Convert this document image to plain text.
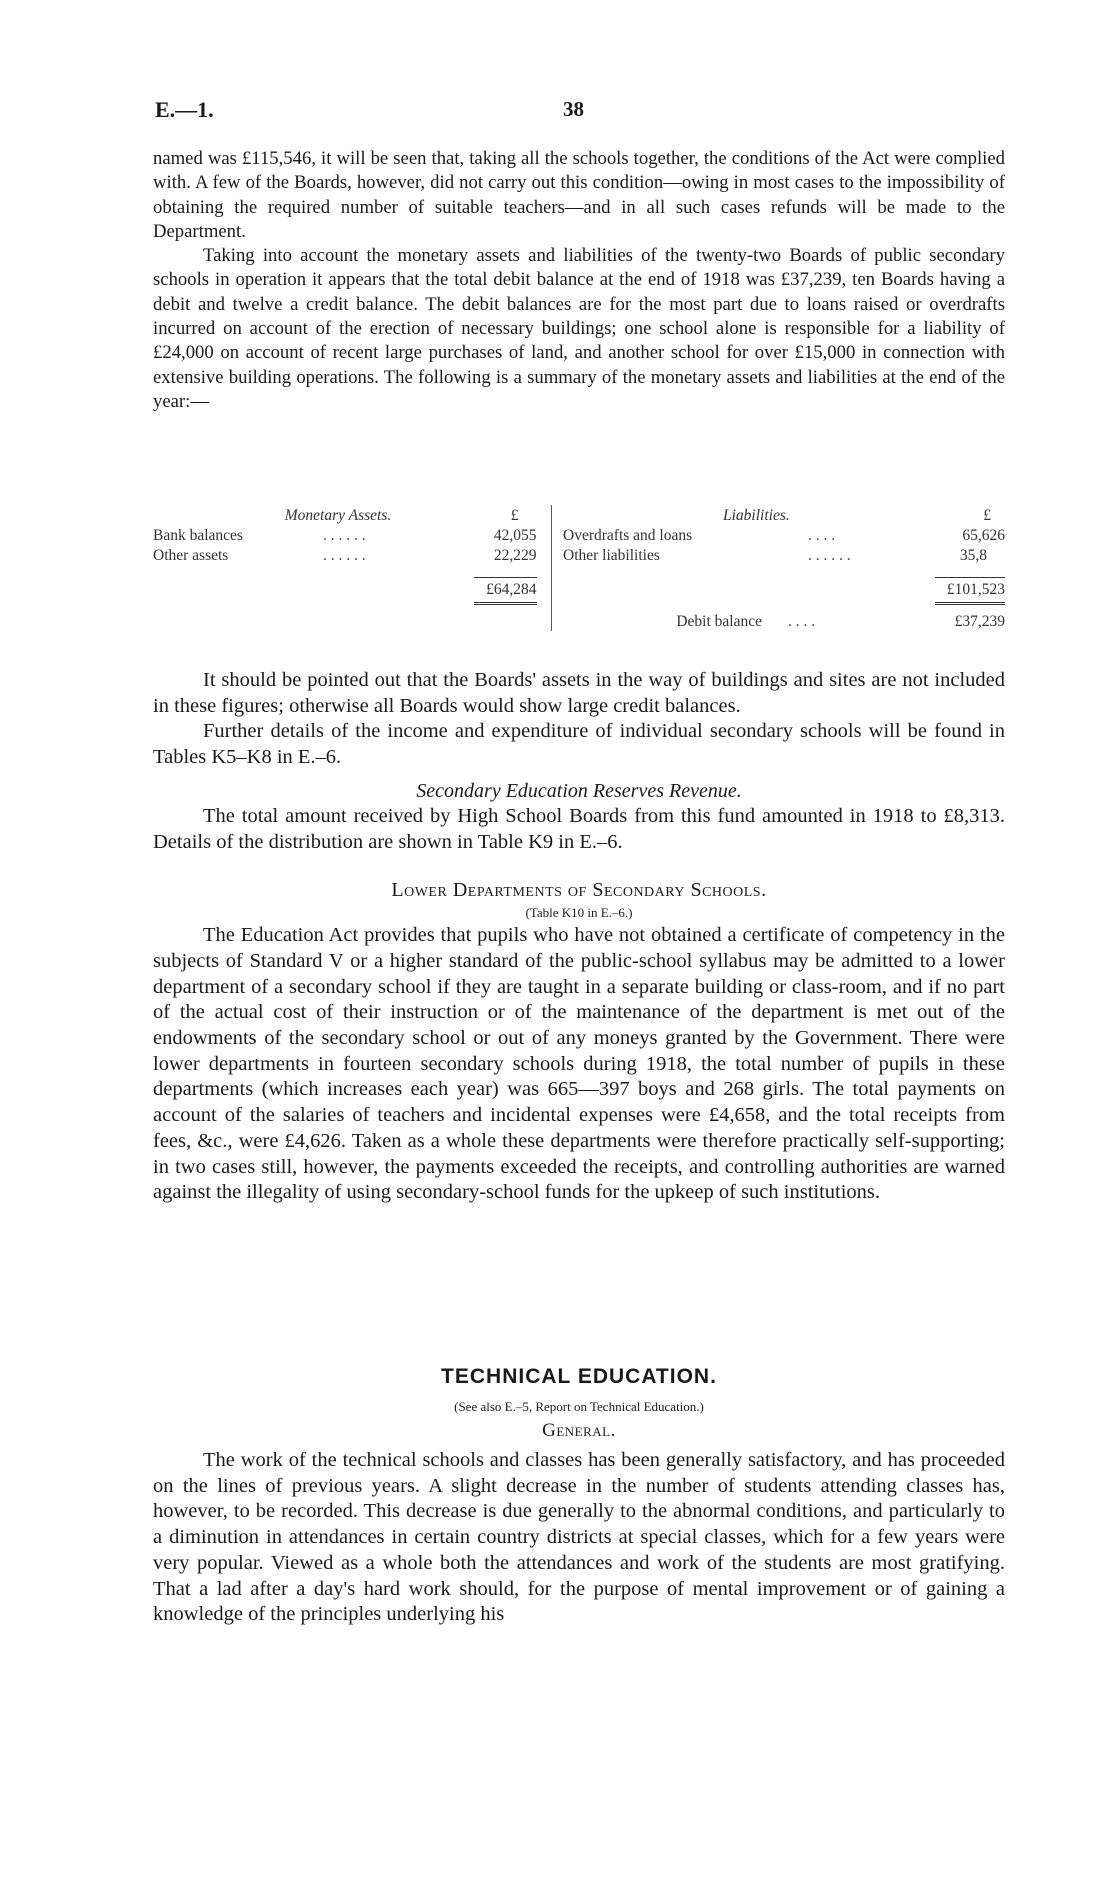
E.—1.	38

named was £115,546, it will be seen that, taking all the schools together, the conditions of the Act were complied with. A few of the Boards, however, did not carry out this condition—owing in most cases to the impossibility of obtaining the required number of suitable teachers—and in all such cases refunds will be made to the Department.

Taking into account the monetary assets and liabilities of the twenty-two Boards of public secondary schools in operation it appears that the total debit balance at the end of 1918 was £37,239, ten Boards having a debit and twelve a credit balance. The debit balances are for the most part due to loans raised or overdrafts incurred on account of the erection of necessary buildings; one school alone is responsible for a liability of £24,000 on account of recent large purchases of land, and another school for over £15,000 in connection with extensive building operations. The following is a summary of the monetary assets and liabilities at the end of the year:—

Monetary Assets.		£		Liabilities.		£
Bank balances	. . . . . .	42,055		Overdrafts and loans	. . . .	65,626
Other assets	. . . . . .	22,229		Other liabilities	. . . . . .	35,8
		£64,284				£101,523
				Debit balance	. . . .	£37,239

It should be pointed out that the Boards' assets in the way of buildings and sites are not included in these figures; otherwise all Boards would show large credit balances.

Further details of the income and expenditure of individual secondary schools will be found in Tables K5–K8 in E.–6.

Secondary Education Reserves Revenue.

The total amount received by High School Boards from this fund amounted in 1918 to £8,313. Details of the distribution are shown in Table K9 in E.–6.

Lower Departments of Secondary Schools.
(Table K10 in E.–6.)

The Education Act provides that pupils who have not obtained a certificate of competency in the subjects of Standard V or a higher standard of the public-school syllabus may be admitted to a lower department of a secondary school if they are taught in a separate building or class-room, and if no part of the actual cost of their instruction or of the maintenance of the department is met out of the endowments of the secondary school or out of any moneys granted by the Government. There were lower departments in fourteen secondary schools during 1918, the total number of pupils in these departments (which increases each year) was 665—397 boys and 268 girls. The total payments on account of the salaries of teachers and incidental expenses were £4,658, and the total receipts from fees, &c., were £4,626. Taken as a whole these departments were therefore practically self-supporting; in two cases still, however, the payments exceeded the receipts, and controlling authorities are warned against the illegality of using secondary-school funds for the upkeep of such institutions.

TECHNICAL EDUCATION.
(See also E.–5, Report on Technical Education.)
General.

The work of the technical schools and classes has been generally satisfactory, and has proceeded on the lines of previous years. A slight decrease in the number of students attending classes has, however, to be recorded. This decrease is due generally to the abnormal conditions, and particularly to a diminution in attendances in certain country districts at special classes, which for a few years were very popular. Viewed as a whole both the attendances and work of the students are most gratifying. That a lad after a day's hard work should, for the purpose of mental improvement or of gaining a knowledge of the principles underlying his
